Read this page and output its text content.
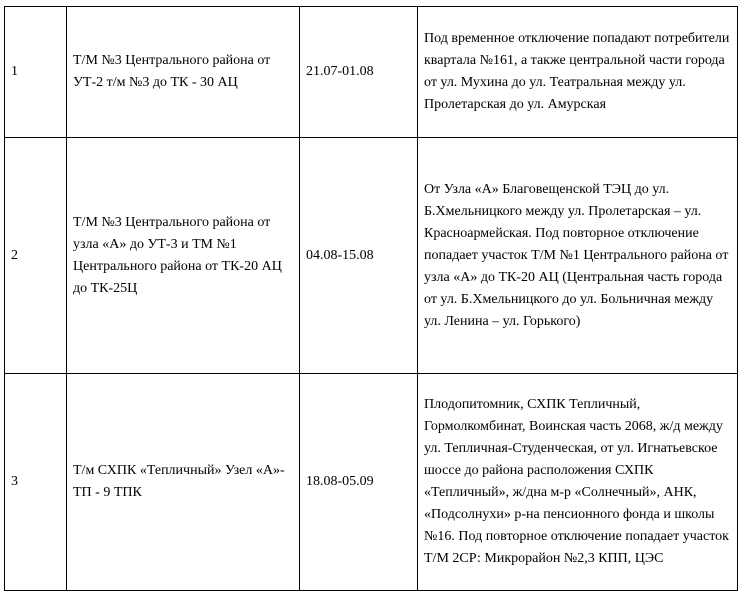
1	Т/М №3 Центрального района от УТ-2 т/м №3 до ТК - 30 АЦ	21.07-01.08	Под временное отключение попадают потребители квартала №161, а также центральной части города от ул. Мухина до ул. Театральная между ул. Пролетарская до ул. Амурская
2	Т/М №3 Центрального района от узла «А» до УТ-3 и ТМ №1 Центрального района от ТК-20 АЦ до ТК-25Ц	04.08-15.08	От Узла «А» Благовещенской ТЭЦ до ул. Б.Хмельницкого между ул. Пролетарская – ул. Красноармейская. Под повторное отключение попадает участок Т/М №1 Центрального района от узла «А» до ТК-20 АЦ (Центральная часть города от ул. Б.Хмельницкого до ул. Больничная между ул. Ленина – ул. Горького)
3	Т/м СХПК «Тепличный» Узел «А»-ТП - 9 ТПК	18.08-05.09	Плодопитомник, СХПК Тепличный, Гормолкомбинат, Воинская часть 2068, ж/д между ул. Тепличная-Студенческая, от ул. Игнатьевское шоссе до района расположения СХПК «Тепличный», ж/дна м-р «Солнечный», АНК, «Подсолнухи» р-на пенсионного фонда и школы №16. Под повторное отключение попадает участок Т/М 2СР: Микрорайон №2,3 КПП, ЦЭС
